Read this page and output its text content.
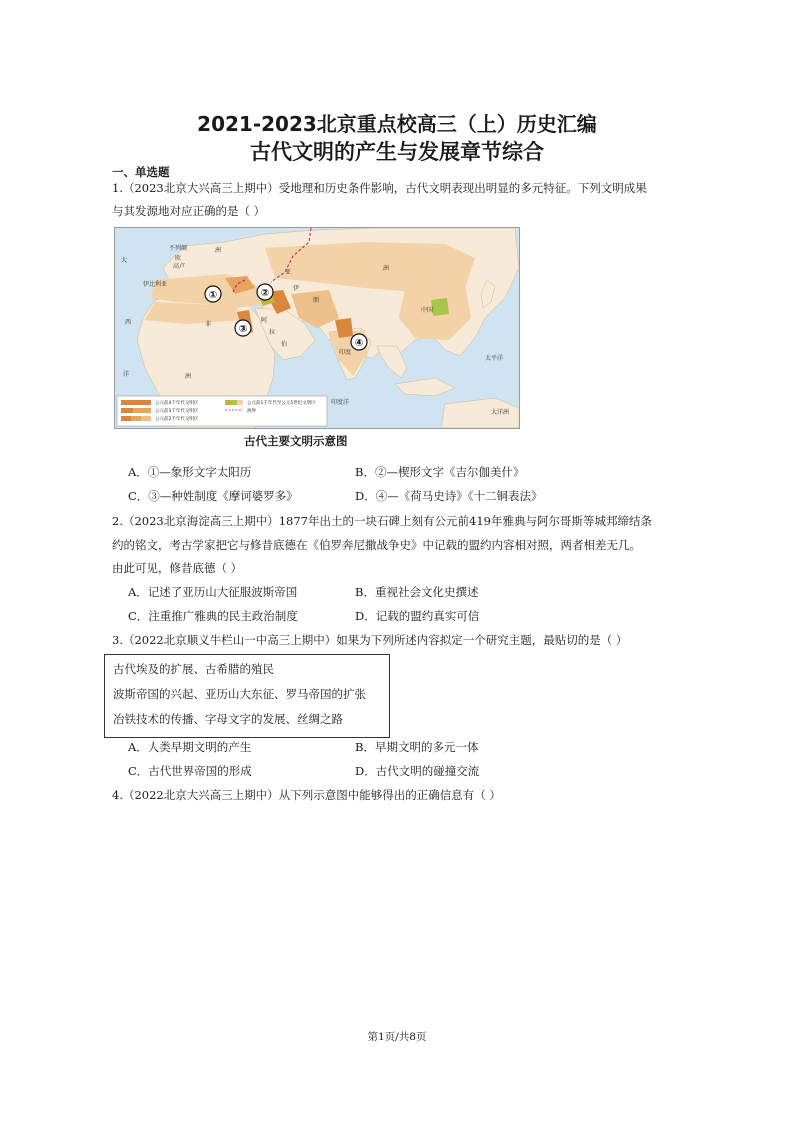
2021-2023北京重点校高三（上）历史汇编
古代文明的产生与发展章节综合
一、单选题
1.（2023北京大兴高三上期中）受地理和历史条件影响，古代文明表现出明显的多元特征。下列文明成果
与其发源地对应正确的是（ ）
①	②
③
④
大
西
洋
欧
洲
不列颠
高卢
伊比利亚
非
洲
伊
朗
阿
拉
伯
亚
洲
中国
印度
太平洋
大洋洲
印度洋
公元前4千年代文明区
公元前3千年代文明区
公元前2千年代文明区
公元前1千年代至公元5世纪文明区
洲界
古代主要文明示意图
A．①—象形文字太阳历	B．②—楔形文字《吉尔伽美什》
C．③—种姓制度《摩诃婆罗多》	D．④—《荷马史诗》《十二铜表法》
2.（2023北京海淀高三上期中）1877年出土的一块石碑上刻有公元前419年雅典与阿尔哥斯等城邦缔结条
约的铭文，考古学家把它与修昔底德在《伯罗奔尼撒战争史》中记载的盟约内容相对照，两者相差无几。
由此可见，修昔底德（ ）
A．记述了亚历山大征服波斯帝国	B．重视社会文化史撰述
C．注重推广雅典的民主政治制度	D．记载的盟约真实可信
3.（2022北京顺义牛栏山一中高三上期中）如果为下列所述内容拟定一个研究主题，最贴切的是（ ）
古代埃及的扩展、古希腊的殖民
波斯帝国的兴起、亚历山大东征、罗马帝国的扩张
冶铁技术的传播、字母文字的发展、丝绸之路
A．人类早期文明的产生	B．早期文明的多元一体
C．古代世界帝国的形成	D．古代文明的碰撞交流
4.（2022北京大兴高三上期中）从下列示意图中能够得出的正确信息有（ ）
第1页/共8页
